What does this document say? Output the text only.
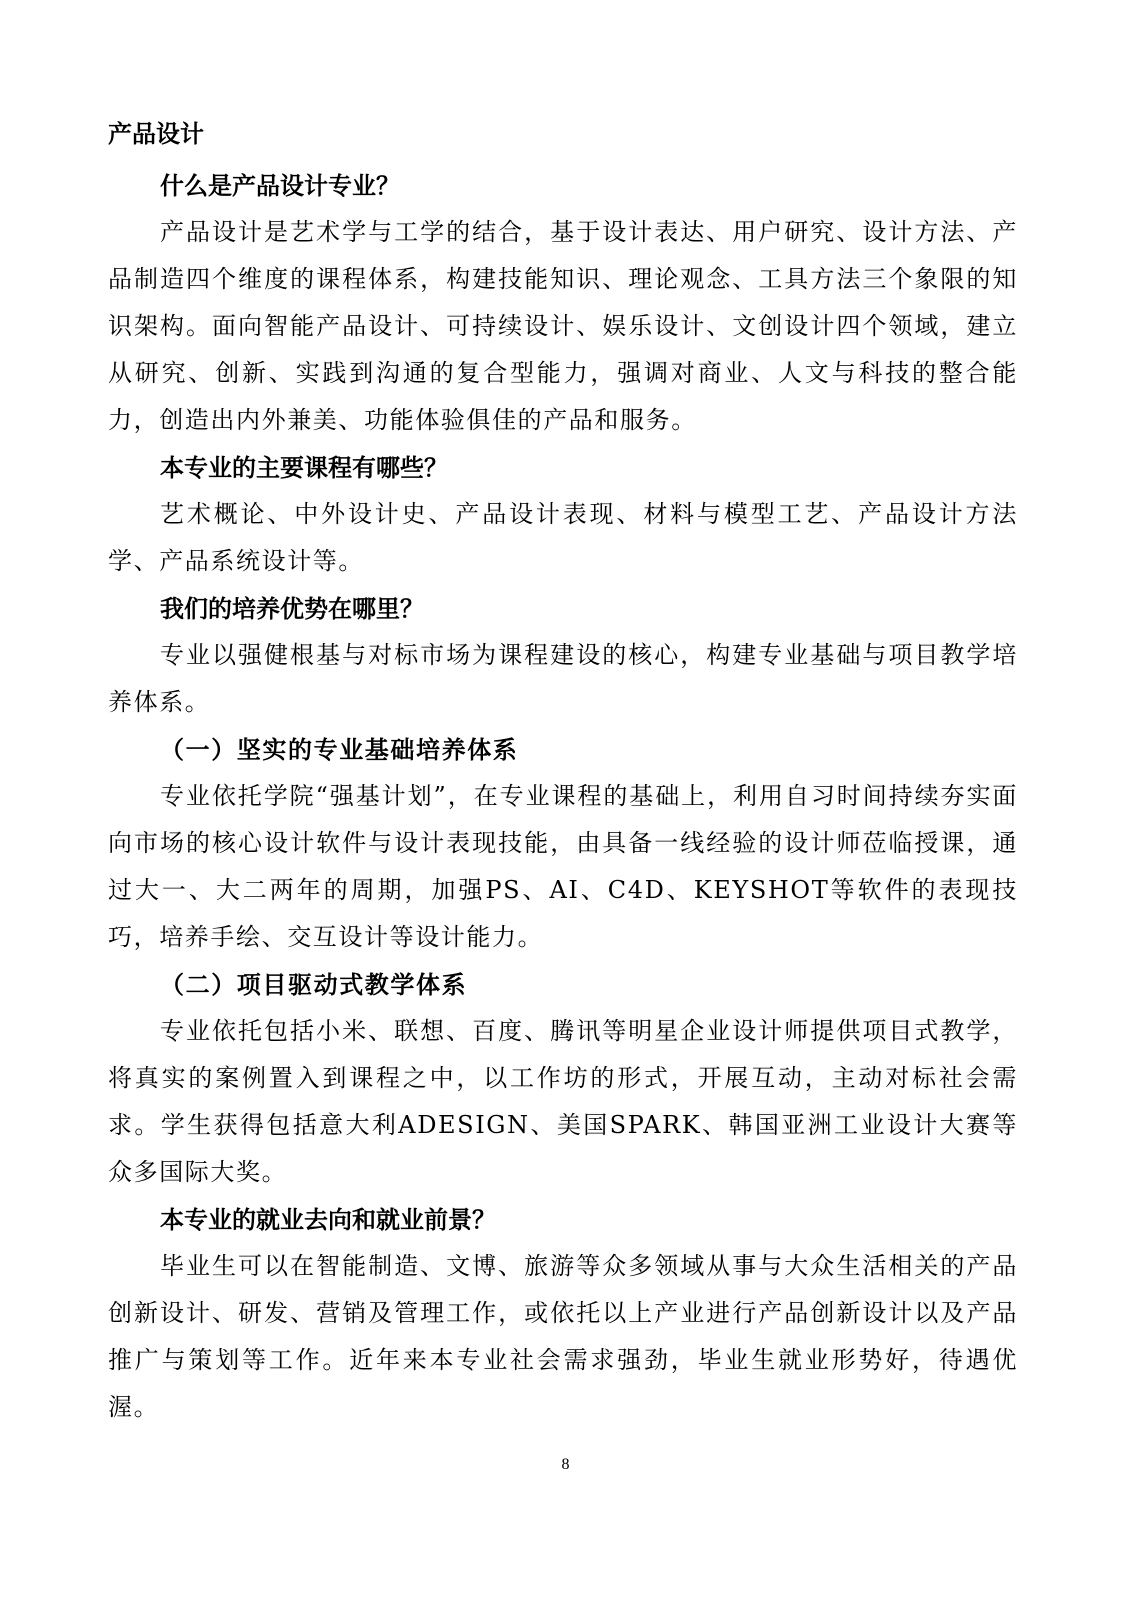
产品设计
什么是产品设计专业？

产品设计是艺术学与工学的结合，基于设计表达、用户研究、设计方法、产品制造四个维度的课程体系，构建技能知识、理论观念、工具方法三个象限的知识架构。面向智能产品设计、可持续设计、娱乐设计、文创设计四个领域，建立从研究、创新、实践到沟通的复合型能力，强调对商业、人文与科技的整合能力，创造出内外兼美、功能体验俱佳的产品和服务。

本专业的主要课程有哪些？

艺术概论、中外设计史、产品设计表现、材料与模型工艺、产品设计方法学、产品系统设计等。

我们的培养优势在哪里？

专业以强健根基与对标市场为课程建设的核心，构建专业基础与项目教学培养体系。

（一）坚实的专业基础培养体系

专业依托学院“强基计划”，在专业课程的基础上，利用自习时间持续夯实面向市场的核心设计软件与设计表现技能，由具备一线经验的设计师莅临授课，通过大一、大二两年的周期，加强PS、AI、C4D、KEYSHOT等软件的表现技巧，培养手绘、交互设计等设计能力。

（二）项目驱动式教学体系

专业依托包括小米、联想、百度、腾讯等明星企业设计师提供项目式教学，将真实的案例置入到课程之中，以工作坊的形式，开展互动，主动对标社会需求。学生获得包括意大利ADESIGN、美国SPARK、韩国亚洲工业设计大赛等众多国际大奖。

本专业的就业去向和就业前景？

毕业生可以在智能制造、文博、旅游等众多领域从事与大众生活相关的产品创新设计、研发、营销及管理工作，或依托以上产业进行产品创新设计以及产品推广与策划等工作。近年来本专业社会需求强劲，毕业生就业形势好，待遇优渥。

8
